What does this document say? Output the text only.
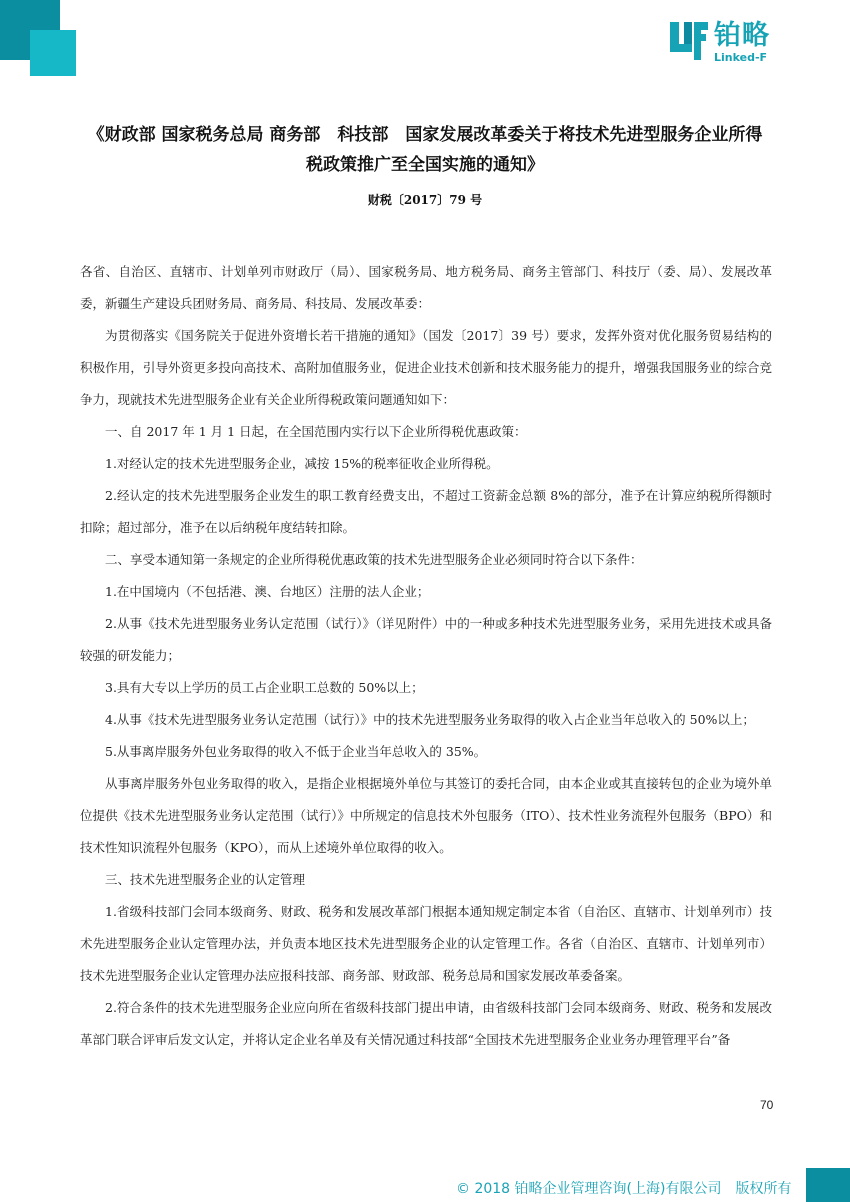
铂略
Linked-F
《财政部 国家税务总局 商务部　科技部　国家发展改革委关于将技术先进型服务企业所得
税政策推广至全国实施的通知》
财税〔2017〕79 号

各省、自治区、直辖市、计划单列市财政厅（局）、国家税务局、地方税务局、商务主管部门、科技厅（委、局）、发展改革委，新疆生产建设兵团财务局、商务局、科技局、发展改革委：

为贯彻落实《国务院关于促进外资增长若干措施的通知》（国发〔2017〕39 号）要求，发挥外资对优化服务贸易结构的积极作用，引导外资更多投向高技术、高附加值服务业，促进企业技术创新和技术服务能力的提升，增强我国服务业的综合竞争力，现就技术先进型服务企业有关企业所得税政策问题通知如下：

一、自 2017 年 1 月 1 日起，在全国范围内实行以下企业所得税优惠政策：

1.对经认定的技术先进型服务企业，减按 15%的税率征收企业所得税。

2.经认定的技术先进型服务企业发生的职工教育经费支出，不超过工资薪金总额 8%的部分，准予在计算应纳税所得额时扣除；超过部分，准予在以后纳税年度结转扣除。

二、享受本通知第一条规定的企业所得税优惠政策的技术先进型服务企业必须同时符合以下条件：

1.在中国境内（不包括港、澳、台地区）注册的法人企业；

2.从事《技术先进型服务业务认定范围（试行）》（详见附件）中的一种或多种技术先进型服务业务，采用先进技术或具备较强的研发能力；

3.具有大专以上学历的员工占企业职工总数的 50%以上；

4.从事《技术先进型服务业务认定范围（试行）》中的技术先进型服务业务取得的收入占企业当年总收入的 50%以上；

5.从事离岸服务外包业务取得的收入不低于企业当年总收入的 35%。

从事离岸服务外包业务取得的收入，是指企业根据境外单位与其签订的委托合同，由本企业或其直接转包的企业为境外单位提供《技术先进型服务业务认定范围（试行）》中所规定的信息技术外包服务（ITO）、技术性业务流程外包服务（BPO）和技术性知识流程外包服务（KPO），而从上述境外单位取得的收入。

三、技术先进型服务企业的认定管理

1.省级科技部门会同本级商务、财政、税务和发展改革部门根据本通知规定制定本省（自治区、直辖市、计划单列市）技术先进型服务企业认定管理办法，并负责本地区技术先进型服务企业的认定管理工作。各省（自治区、直辖市、计划单列市）技术先进型服务企业认定管理办法应报科技部、商务部、财政部、税务总局和国家发展改革委备案。

2.符合条件的技术先进型服务企业应向所在省级科技部门提出申请，由省级科技部门会同本级商务、财政、税务和发展改革部门联合评审后发文认定，并将认定企业名单及有关情况通过科技部“全国技术先进型服务企业业务办理管理平台”备

70
© 2018 铂略企业管理咨询(上海)有限公司　版权所有
